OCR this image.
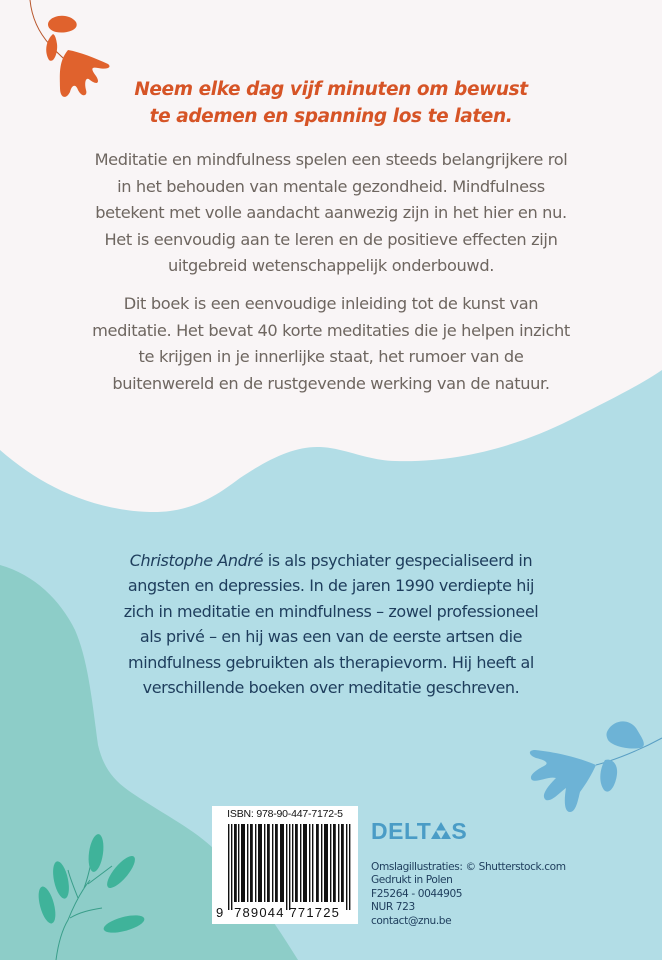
Neem elke dag vijf minuten om bewust
te ademen en spanning los te laten.
Meditatie en mindfulness spelen een steeds belangrijkere rol
in het behouden van mentale gezondheid. Mindfulness
betekent met volle aandacht aanwezig zijn in het hier en nu.
Het is eenvoudig aan te leren en de positieve effecten zijn
uitgebreid wetenschappelijk onderbouwd.
Dit boek is een eenvoudige inleiding tot de kunst van
meditatie. Het bevat 40 korte meditaties die je helpen inzicht
te krijgen in je innerlijke staat, het rumoer van de
buitenwereld en de rustgevende werking van de natuur.
Christophe André is als psychiater gespecialiseerd in
angsten en depressies. In de jaren 1990 verdiepte hij
zich in meditatie en mindfulness – zowel professioneel
als privé – en hij was een van de eerste artsen die
mindfulness gebruikten als therapievorm. Hij heeft al
verschillende boeken over meditatie geschreven.
ISBN: 978-90-447-7172-5
9 789044 771725
DELT S
Omslagillustraties: © Shutterstock.com
Gedrukt in Polen
F25264 - 0044905
NUR 723
contact@znu.be
